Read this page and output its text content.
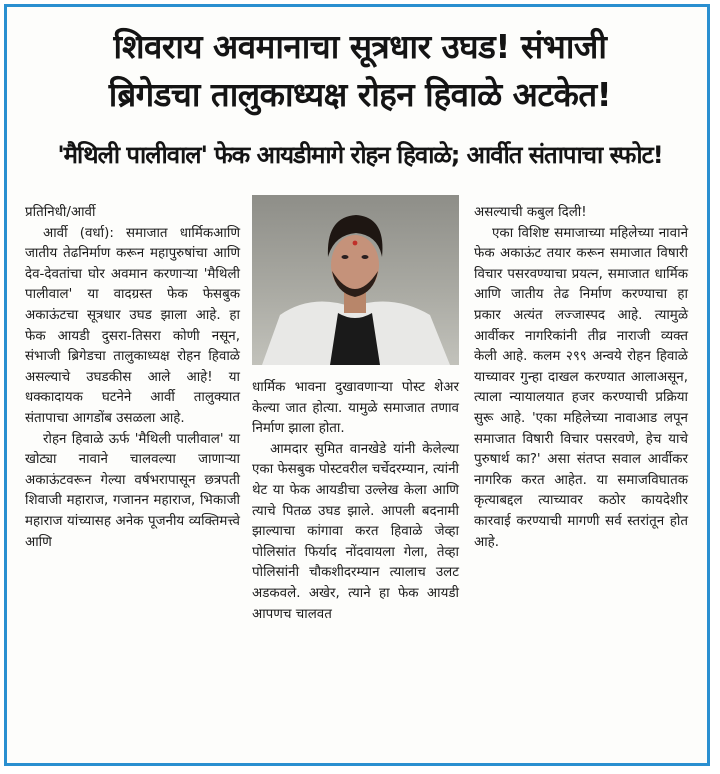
शिवराय अवमानाचा सूत्रधार उघड! संभाजी
ब्रिगेडचा तालुकाध्यक्ष रोहन हिवाळे अटकेत!
'मैथिली पालीवाल' फेक आयडीमागे रोहन हिवाळे; आर्वीत संतापाचा स्फोट!

प्रतिनिधी/आर्वी

आर्वी (वर्धा): समाजात धार्मिकआणि जातीय तेढनिर्माण करून महापुरुषांचा आणि देव-देवतांचा घोर अवमान करणाऱ्या 'मैथिली पालीवाल' या वादग्रस्त फेक फेसबुक अकाऊंटचा सूत्रधार उघड झाला आहे. हा फेक आयडी दुसरा-तिसरा कोणी नसून, संभाजी ब्रिगेडचा तालुकाध्यक्ष रोहन हिवाळे असल्याचे उघडकीस आले आहे! या धक्कादायक घटनेने आर्वी तालुक्यात संतापाचा आगडोंब उसळला आहे.

रोहन हिवाळे ऊर्फ 'मैथिली पालीवाल' या खोट्या नावाने चालवल्या जाणाऱ्या अकाऊंटवरून गेल्या वर्षभरापासून छत्रपती शिवाजी महाराज, गजानन महाराज, भिकाजी महाराज यांच्यासह अनेक पूजनीय व्यक्तिमत्त्वे आणि

धार्मिक भावना दुखावणाऱ्या पोस्ट शेअर केल्या जात होत्या. यामुळे समाजात तणाव निर्माण झाला होता.

आमदार सुमित वानखेडे यांनी केलेल्या एका फेसबुक पोस्टवरील चर्चेदरम्यान, त्यांनी थेट या फेक आयडीचा उल्लेख केला आणि त्याचे पितळ उघड झाले. आपली बदनामी झाल्याचा कांगावा करत हिवाळे जेव्हा पोलिसांत फिर्याद नोंदवायला गेला, तेव्हा पोलिसांनी चौकशीदरम्यान त्यालाच उलट अडकवले. अखेर, त्याने हा फेक आयडी आपणच चालवत

असल्याची कबुल दिली!

एका विशिष्ट समाजाच्या महिलेच्या नावाने फेक अकाऊंट तयार करून समाजात विषारी विचार पसरवण्याचा प्रयत्न, समाजात धार्मिक आणि जातीय तेढ निर्माण करण्याचा हा प्रकार अत्यंत लज्जास्पद आहे. त्यामुळे आर्वीकर नागरिकांनी तीव्र नाराजी व्यक्त केली आहे. कलम २९९ अन्वये रोहन हिवाळे याच्यावर गुन्हा दाखल करण्यात आलाअसून, त्याला न्यायालयात हजर करण्याची प्रक्रिया सुरू आहे. 'एका महिलेच्या नावाआड लपून समाजात विषारी विचार पसरवणे, हेच याचे पुरुषार्थ का?' असा संतप्त सवाल आर्वीकर नागरिक करत आहेत. या समाजविघातक कृत्याबद्दल त्याच्यावर कठोर कायदेशीर कारवाई करण्याची मागणी सर्व स्तरांतून होत आहे.
